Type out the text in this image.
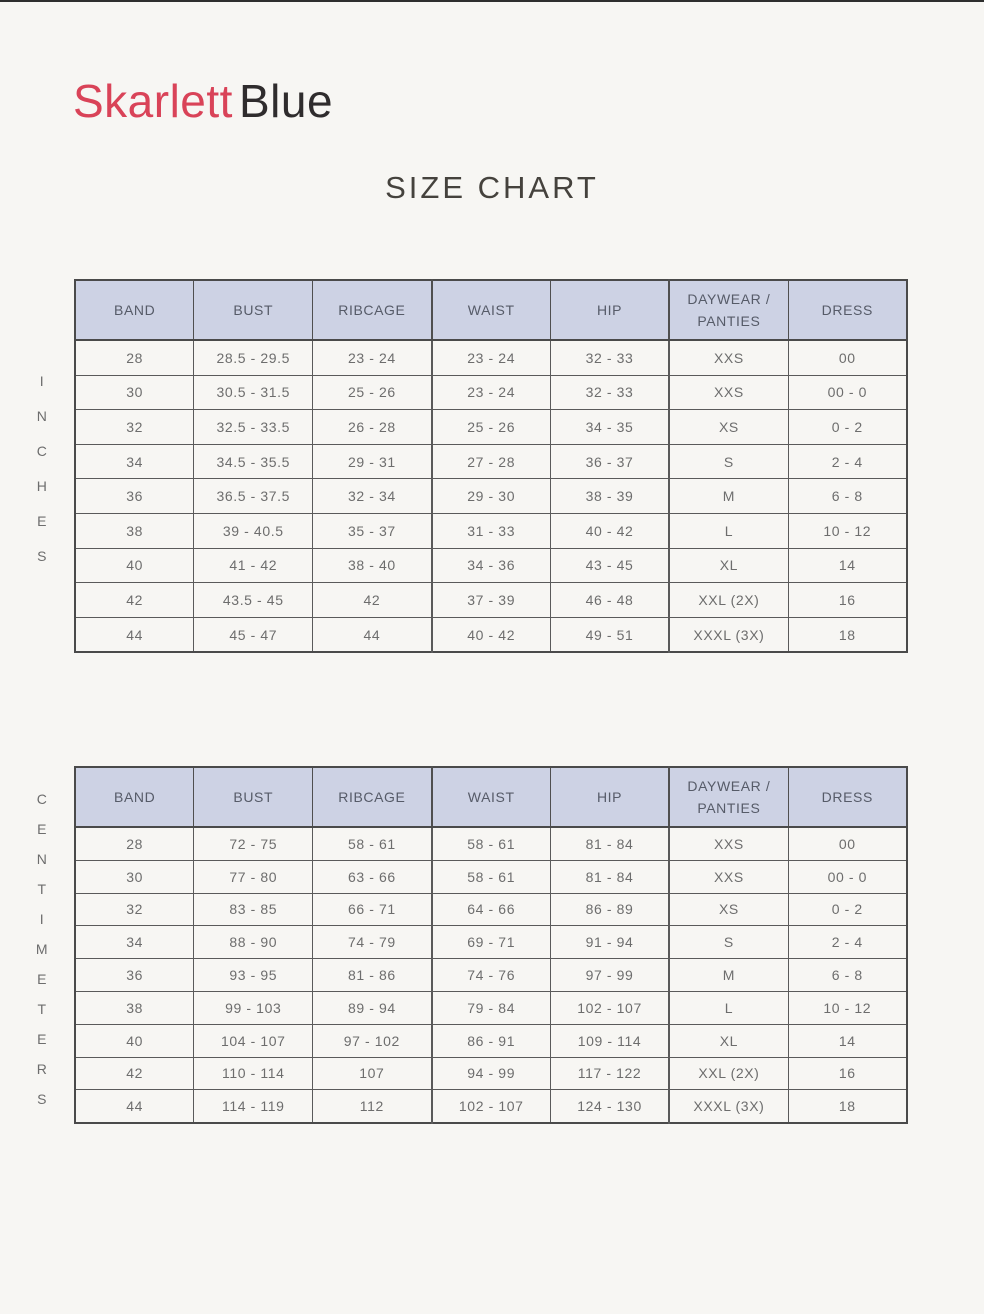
Skarlett Blue
SIZE CHART
I
N
C
H
E
S
BAND	BUST	RIBCAGE	WAIST	HIP	DAYWEAR /
PANTIES	DRESS
28	28.5 - 29.5	23 - 24	23 - 24	32 - 33	XXS	00
30	30.5 - 31.5	25 - 26	23 - 24	32 - 33	XXS	00 - 0
32	32.5 - 33.5	26 - 28	25 - 26	34 - 35	XS	0 - 2
34	34.5 - 35.5	29 - 31	27 - 28	36 - 37	S	2 - 4
36	36.5 - 37.5	32 - 34	29 - 30	38 - 39	M	6 - 8
38	39 - 40.5	35 - 37	31 - 33	40 - 42	L	10 - 12
40	41 - 42	38 - 40	34 - 36	43 - 45	XL	14
42	43.5 - 45	42	37 - 39	46 - 48	XXL (2X)	16
44	45 - 47	44	40 - 42	49 - 51	XXXL (3X)	18
C
E
N
T
I
M
E
T
E
R
S
BAND	BUST	RIBCAGE	WAIST	HIP	DAYWEAR /
PANTIES	DRESS
28	72 - 75	58 - 61	58 - 61	81 - 84	XXS	00
30	77 - 80	63 - 66	58 - 61	81 - 84	XXS	00 - 0
32	83 - 85	66 - 71	64 - 66	86 - 89	XS	0 - 2
34	88 - 90	74 - 79	69 - 71	91 - 94	S	2 - 4
36	93 - 95	81 - 86	74 - 76	97 - 99	M	6 - 8
38	99 - 103	89 - 94	79 - 84	102 - 107	L	10 - 12
40	104 - 107	97 - 102	86 - 91	109 - 114	XL	14
42	110 - 114	107	94 - 99	117 - 122	XXL (2X)	16
44	114 - 119	112	102 - 107	124 - 130	XXXL (3X)	18
